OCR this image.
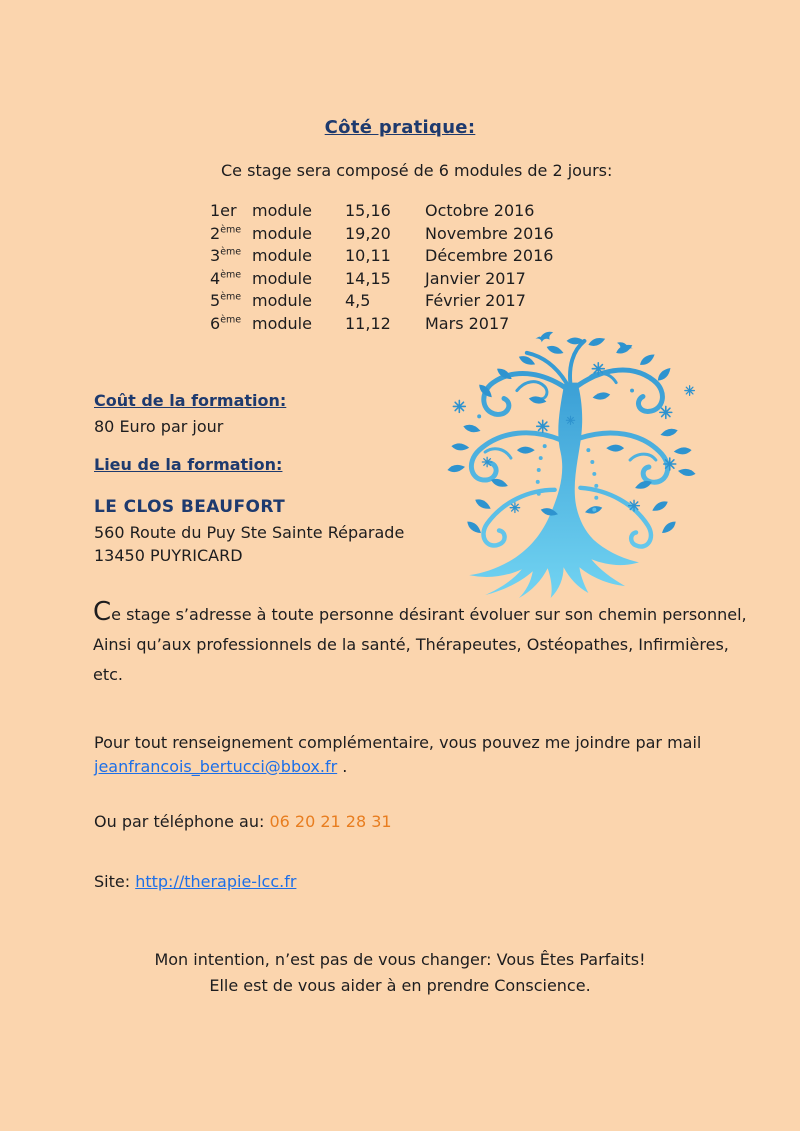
Côté pratique:
Ce stage sera composé de 6 modules de 2 jours:
1er module	15,16	Octobre 2016
2ème module	19,20	Novembre 2016
3ème module	10,11	Décembre 2016
4ème module	14,15	Janvier 2017
5ème module	4,5	Février 2017
6ème module	11,12	Mars 2017
Coût de la formation:
80 Euro par jour
Lieu de la formation:
LE CLOS BEAUFORT
560 Route du Puy Ste Sainte Réparade
13450 PUYRICARD
Ce stage s’adresse à toute personne désirant évoluer sur son chemin personnel,
Ainsi qu’aux professionnels de la santé, Thérapeutes, Ostéopathes, Infirmières,
etc.
Pour tout renseignement complémentaire, vous pouvez me joindre par mail
jeanfrancois_bertucci@bbox.fr .
Ou par téléphone au: 06 20 21 28 31
Site: http://therapie-lcc.fr
Mon intention, n’est pas de vous changer: Vous Êtes Parfaits!
Elle est de vous aider à en prendre Conscience.
